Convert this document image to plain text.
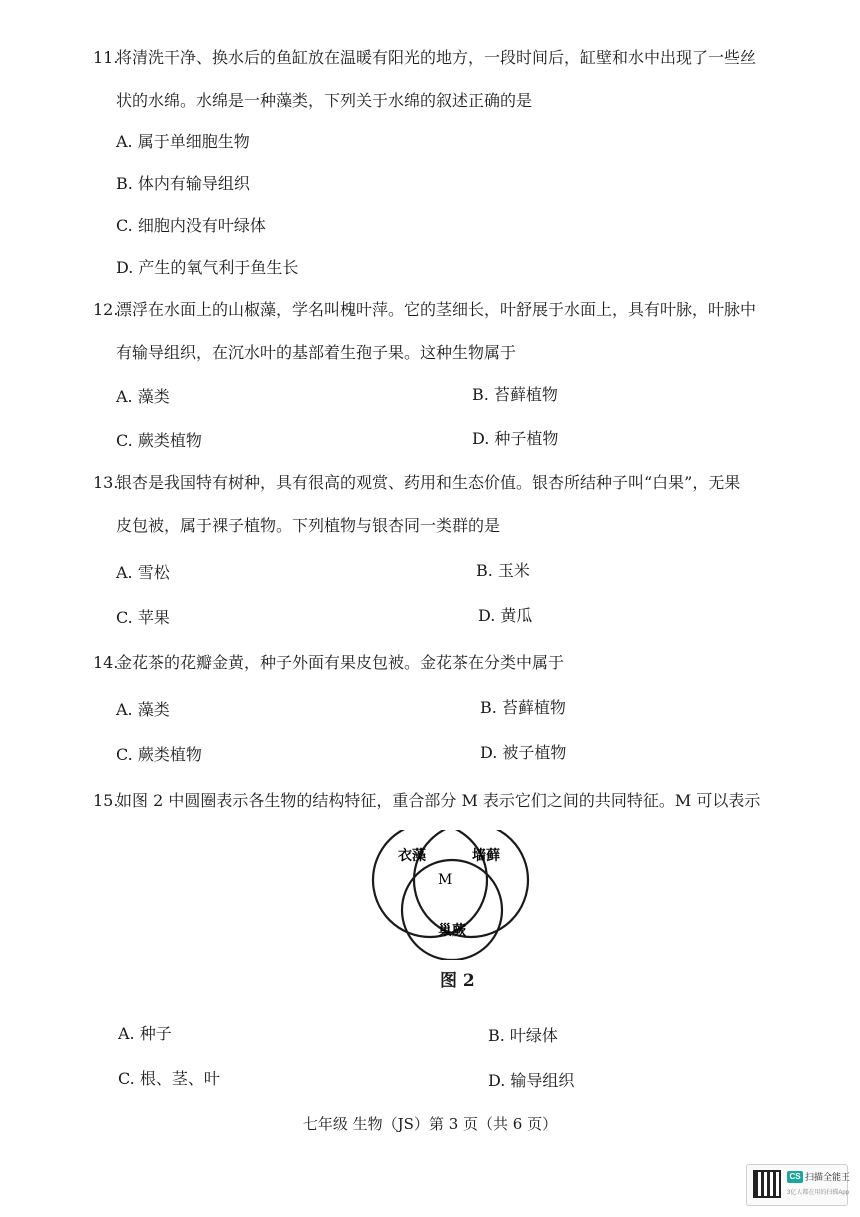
11.
将清洗干净、换水后的鱼缸放在温暖有阳光的地方，一段时间后，缸壁和水中出现了一些丝
状的水绵。水绵是一种藻类，下列关于水绵的叙述正确的是
A. 属于单细胞生物
B. 体内有输导组织
C. 细胞内没有叶绿体
D. 产生的氧气利于鱼生长
12.
漂浮在水面上的山椒藻，学名叫槐叶萍。它的茎细长，叶舒展于水面上，具有叶脉，叶脉中
有输导组织，在沉水叶的基部着生孢子果。这种生物属于
A. 藻类	B. 苔藓植物
C. 蕨类植物	D. 种子植物
13.
银杏是我国特有树种，具有很高的观赏、药用和生态价值。银杏所结种子叫“白果”，无果
皮包被，属于裸子植物。下列植物与银杏同一类群的是
A. 雪松	B. 玉米
C. 苹果	D. 黄瓜
14.
金花茶的花瓣金黄，种子外面有果皮包被。金花茶在分类中属于
A. 藻类	B. 苔藓植物
C. 蕨类植物	D. 被子植物
15.
如图 2 中圆圈表示各生物的结构特征，重合部分 M 表示它们之间的共同特征。M 可以表示
A. 种子	B. 叶绿体
C. 根、茎、叶	D. 输导组织
衣藻	墙藓
M
巢蕨
图 2
七年级 生物（JS）第 3 页（共 6 页）
CS 扫描全能王
3亿人都在用的扫描App
